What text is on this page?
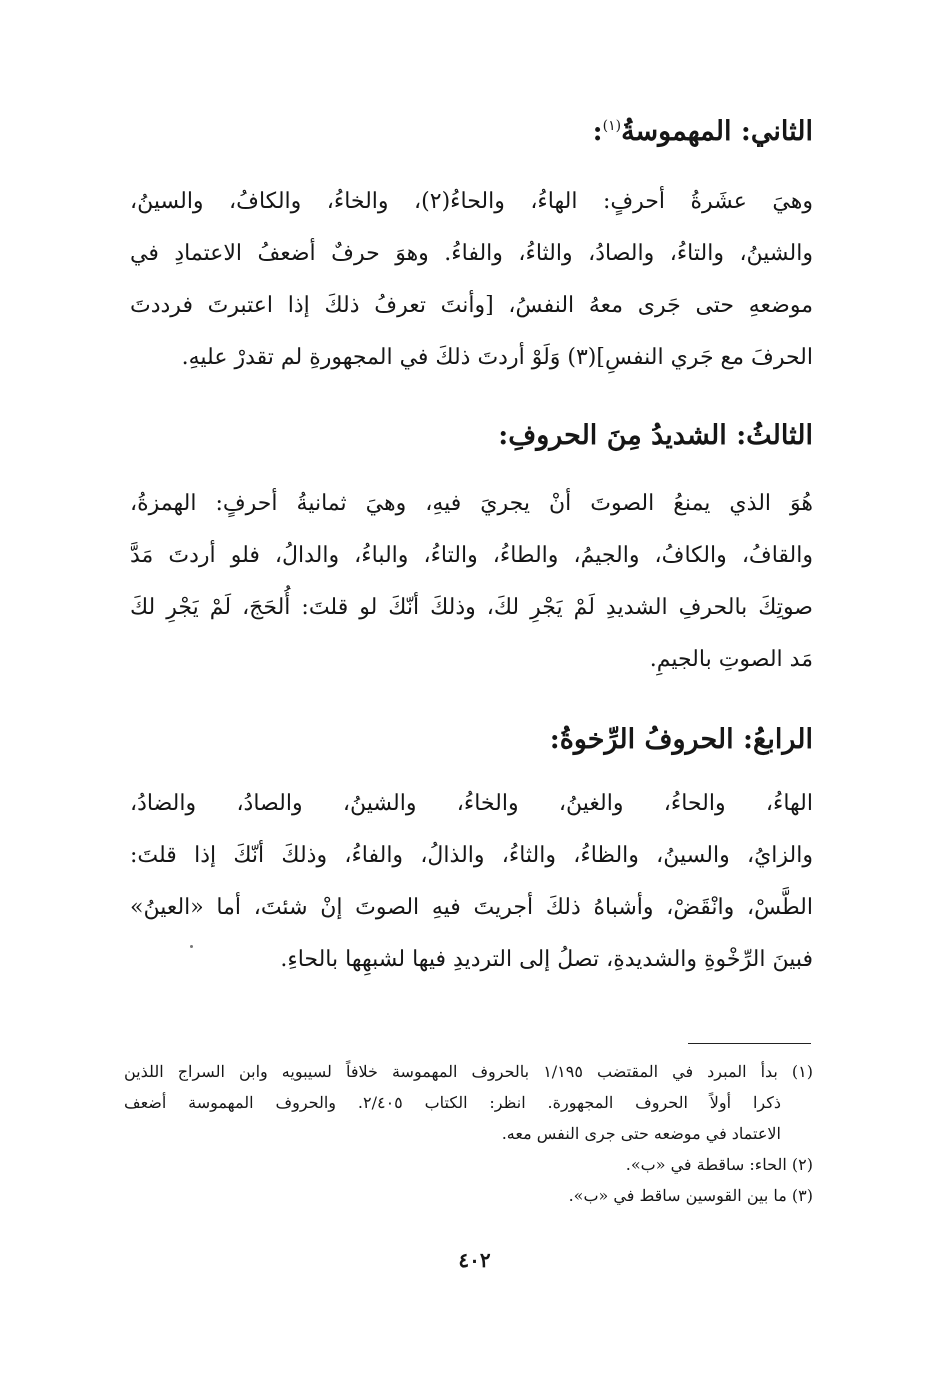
الثاني: المهموسةُ$^{(١)}$:
وهيَ عشَرةُ أحرفٍ: الهاءُ، والحاءُ(٢)، والخاءُ، والكافُ، والسينُ،
والشينُ، والتاءُ، والصادُ، والثاءُ، والفاءُ. وهوَ حرفٌ أضعفُ الاعتمادِ في
موضعهِ حتى جَرى معهُ النفسُ، [وأنتَ تعرفُ ذلكَ إذا اعتبرتَ فرددتَ
الحرفَ مع جَري النفسِ](٣) وَلَوْ أردتَ ذلكَ في المجهورةِ لم تقدرْ عليهِ.
الثالثُ: الشديدُ مِنَ الحروفِ:
هُوَ الذي يمنعُ الصوتَ أنْ يجريَ فيهِ، وهيَ ثمانيةُ أحرفٍ: الهمزةُ،
والقافُ، والكافُ، والجيمُ، والطاءُ، والتاءُ، والباءُ، والدالُ، فلو أردتَ مَدَّ
صوتِكَ بالحرفِ الشديدِ لَمْ يَجْرِ لكَ، وذلكَ أنّكَ لو قلتَ: أُلحَجَ، لَمْ يَجْرِ لكَ
مَد الصوتِ بالجيمِ.
الرابعُ: الحروفُ الرِّخوةُ:
الهاءُ، والحاءُ، والغينُ، والخاءُ، والشينُ، والصادُ، والضادُ،
والزايُ، والسينُ، والظاءُ، والثاءُ، والذالُ، والفاءُ، وذلكَ أنّكَ إذا قلتَ:
الطَّسْ، وانْقَضْ، وأشباهُ ذلكَ أجريتَ فيهِ الصوتَ إنْ شئتَ، أما «العينُ»
فبينَ الرِّخْوةِ والشديدةِ، تصلُ إلى الترديدِ فيها لشبهِها بالحاءِ.
(١) بدأ المبرد في المقتضب ١/١٩٥ بالحروف المهموسة خلافاً لسيبويه وابن السراج اللذين
ذكرا أولاً الحروف المجهورة. انظر: الكتاب ٢/٤٠٥. والحروف المهموسة أضعف
الاعتماد في موضعه حتى جرى النفس معه.
(٢) الحاء: ساقطة في «ب».
(٣) ما بين القوسين ساقط في «ب».
٤٠٢
